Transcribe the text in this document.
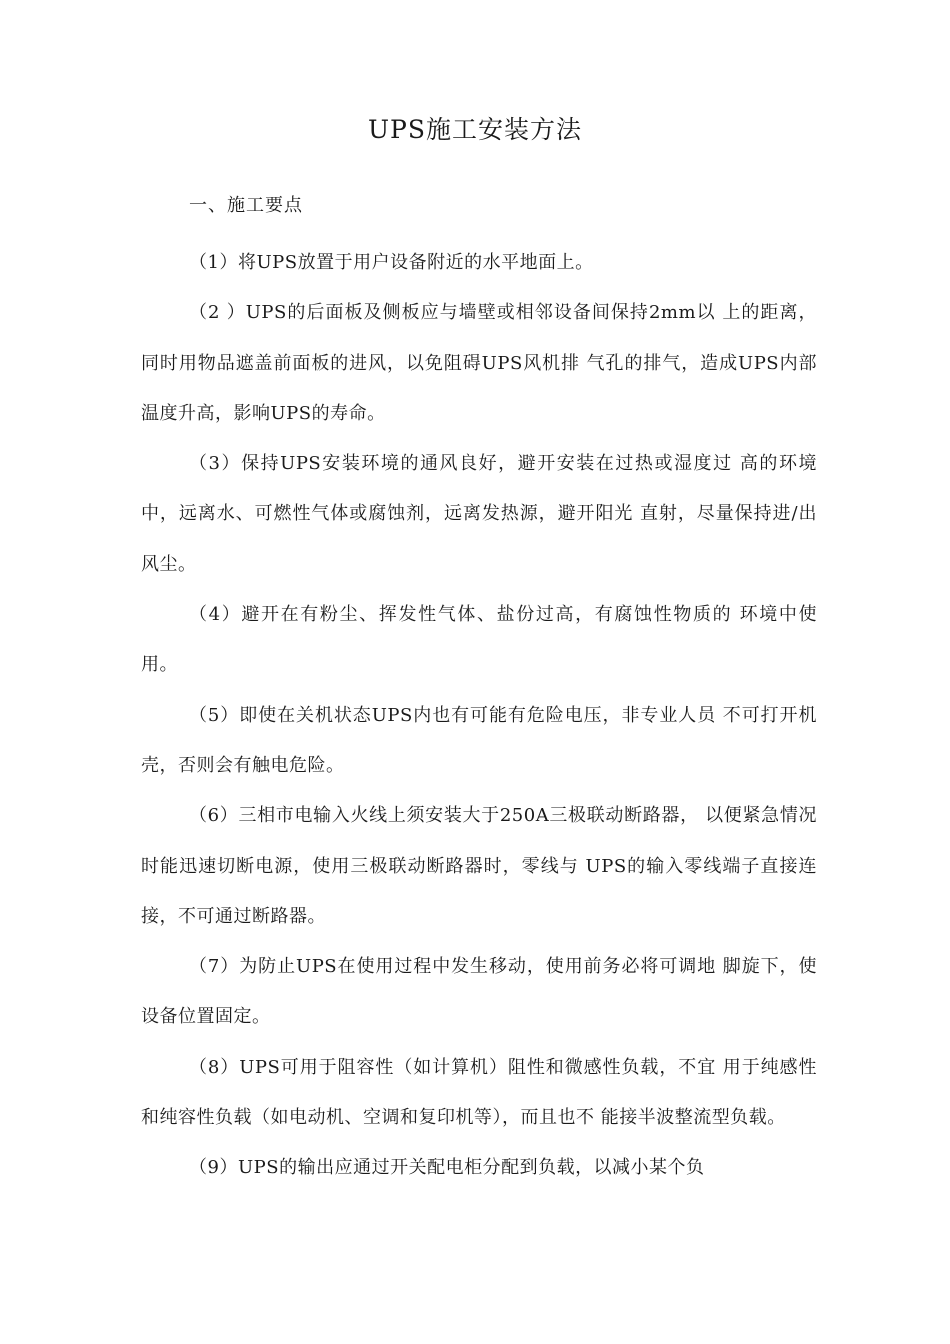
UPS施工安装方法
一、施工要点

（1）将UPS放置于用户设备附近的水平地面上。

（2 ）UPS的后面板及侧板应与墙壁或相邻设备间保持2mm以 上的距离，同时用物品遮盖前面板的进风，以免阻碍UPS风机排 气孔的排气，造成UPS内部温度升高，影响UPS的寿命。

（3）保持UPS安装环境的通风良好，避开安装在过热或湿度过 高的环境中，远离水、可燃性气体或腐蚀剂，远离发热源，避开阳光 直射，尽量保持进/出风尘。

（4）避开在有粉尘、挥发性气体、盐份过高，有腐蚀性物质的 环境中使用。

（5）即使在关机状态UPS内也有可能有危险电压，非专业人员 不可打开机壳，否则会有触电危险。

（6）三相市电输入火线上须安装大于250A三极联动断路器， 以便紧急情况时能迅速切断电源，使用三极联动断路器时，零线与 UPS的输入零线端子直接连接，不可通过断路器。

（7）为防止UPS在使用过程中发生移动，使用前务必将可调地 脚旋下，使设备位置固定。

（8）UPS可用于阻容性（如计算机）阻性和微感性负载，不宜 用于纯感性和纯容性负载（如电动机、空调和复印机等），而且也不 能接半波整流型负载。

（9）UPS的输出应通过开关配电柜分配到负载，以减小某个负
